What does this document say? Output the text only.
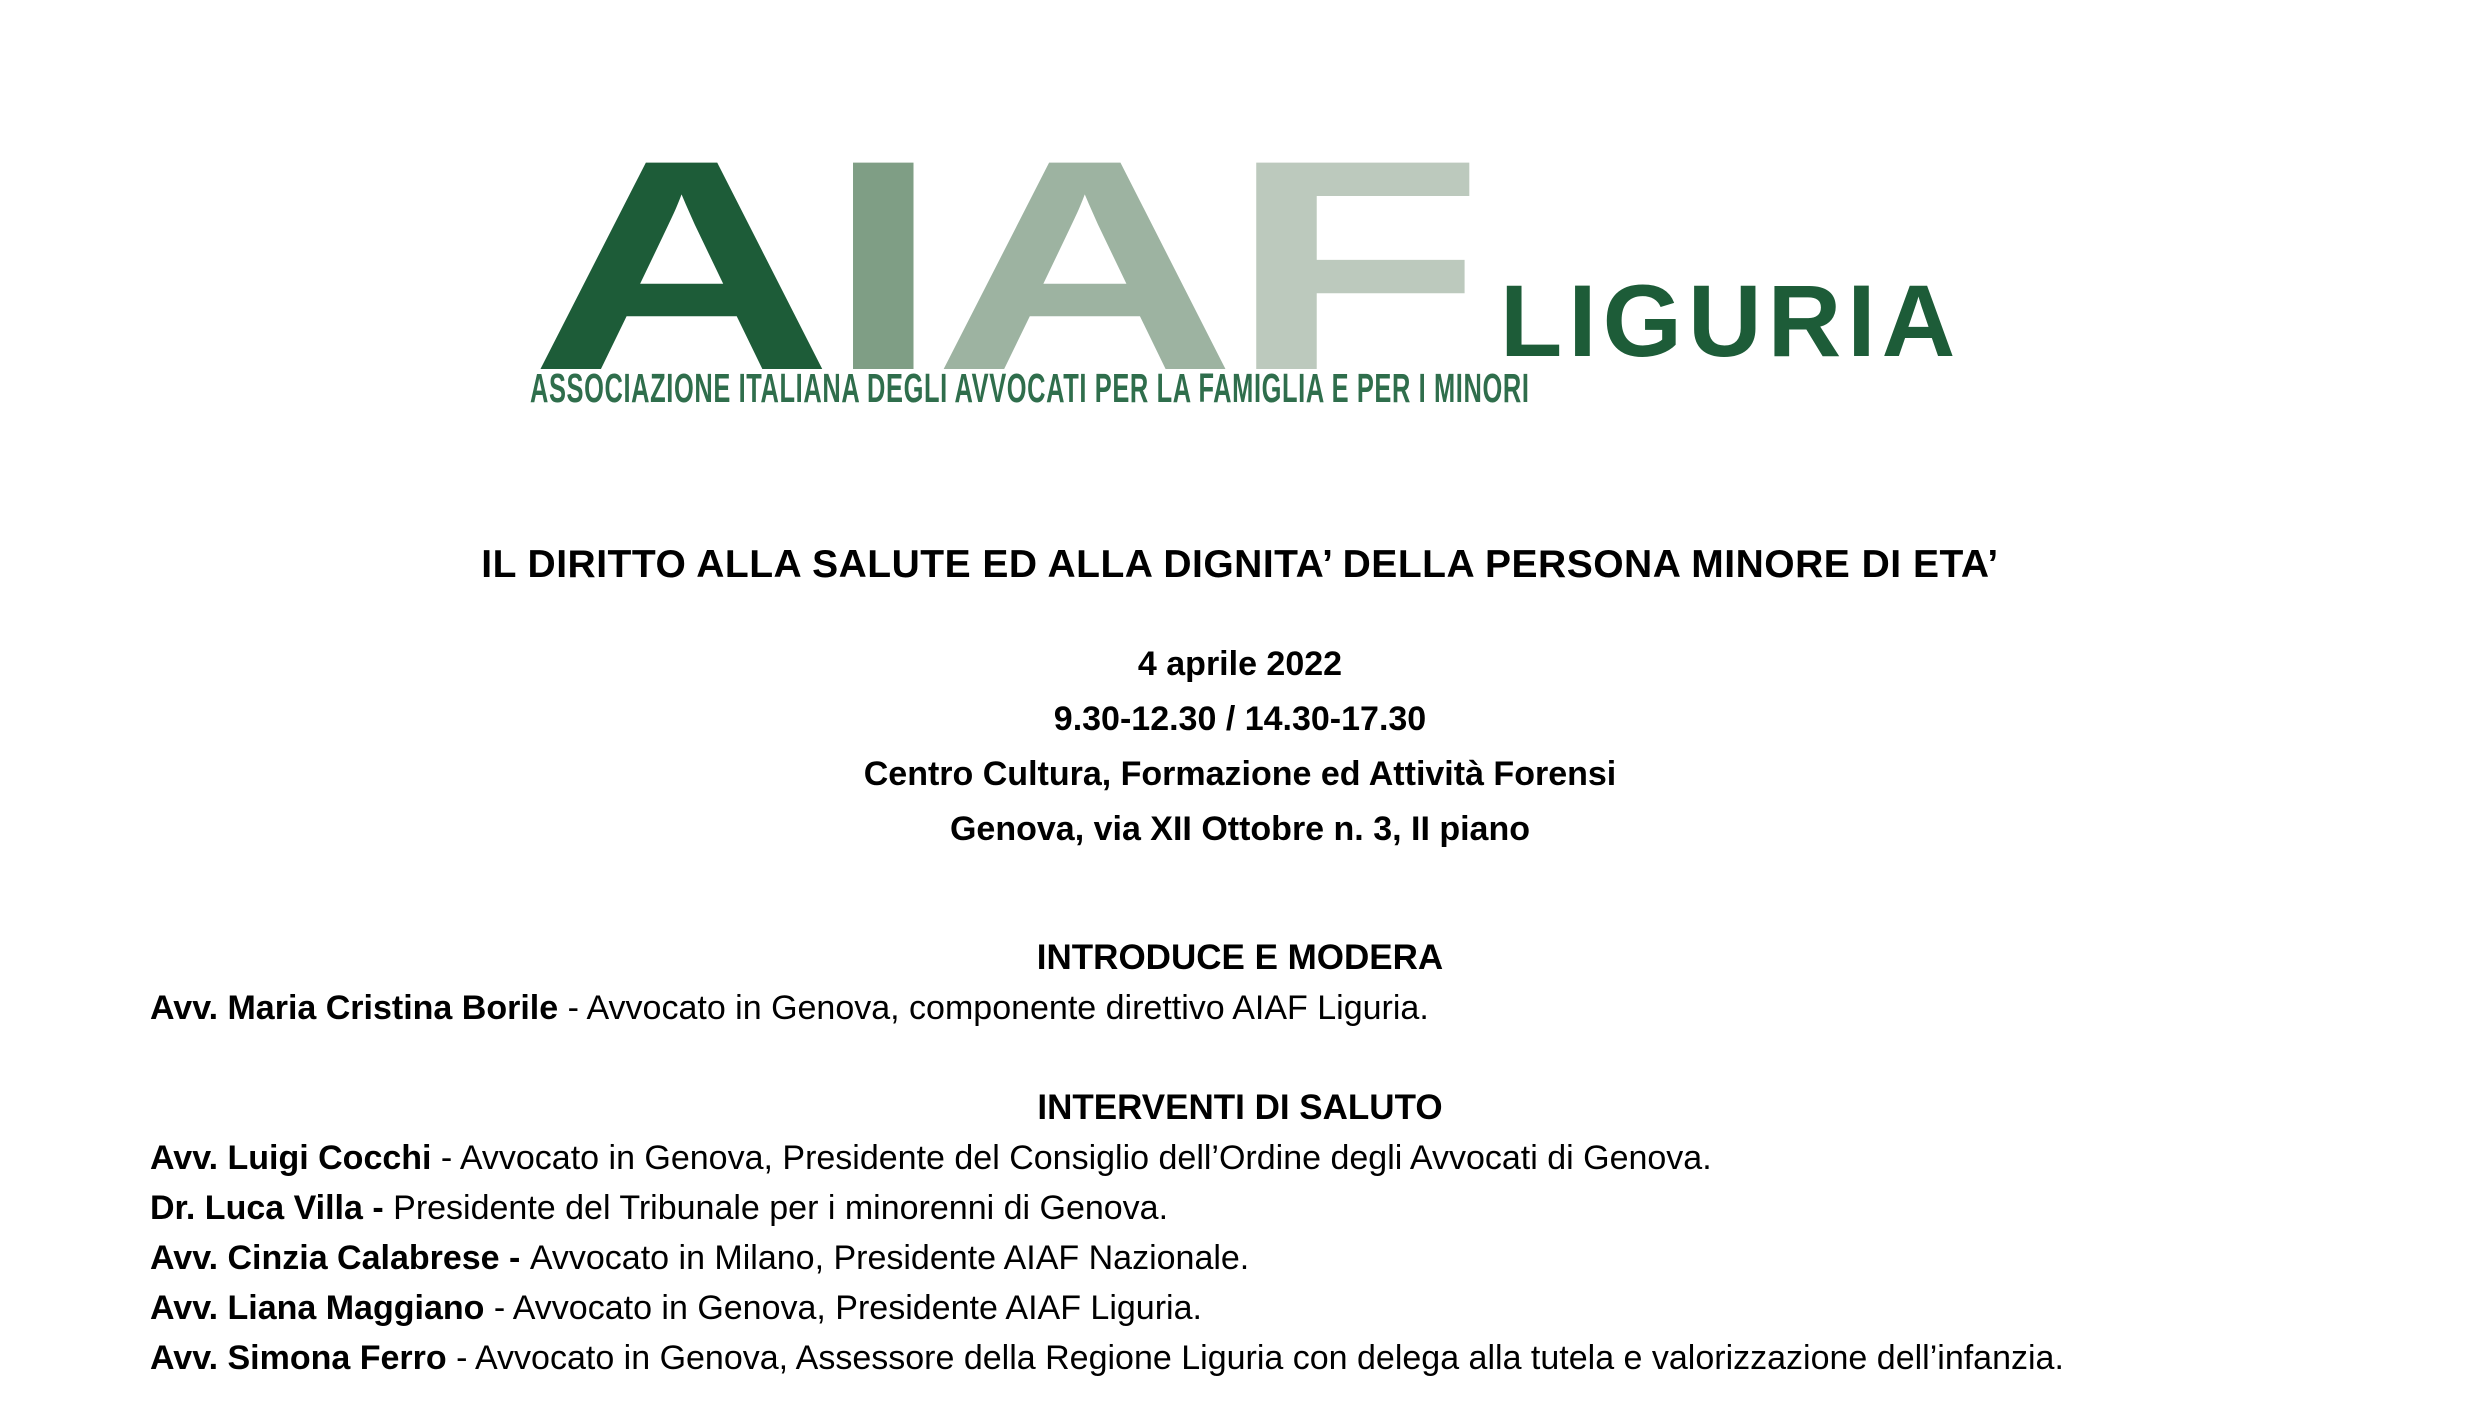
AIAF LIGURIA
ASSOCIAZIONE ITALIANA DEGLI AVVOCATI PER LA FAMIGLIA E PER I MINORI
IL DIRITTO ALLA SALUTE ED ALLA DIGNITA’ DELLA PERSONA MINORE DI ETA’
4 aprile 2022
9.30-12.30 / 14.30-17.30
Centro Cultura, Formazione ed Attività Forensi
Genova, via XII Ottobre n. 3, II piano
INTRODUCE E MODERA
Avv. Maria Cristina Borile - Avvocato in Genova, componente direttivo AIAF Liguria.
INTERVENTI DI SALUTO
Avv. Luigi Cocchi - Avvocato in Genova, Presidente del Consiglio dell’Ordine degli Avvocati di Genova.
Dr. Luca Villa - Presidente del Tribunale per i minorenni di Genova.
Avv. Cinzia Calabrese - Avvocato in Milano, Presidente AIAF Nazionale.
Avv. Liana Maggiano - Avvocato in Genova, Presidente AIAF Liguria.
Avv. Simona Ferro - Avvocato in Genova, Assessore della Regione Liguria con delega alla tutela e valorizzazione dell’infanzia.
